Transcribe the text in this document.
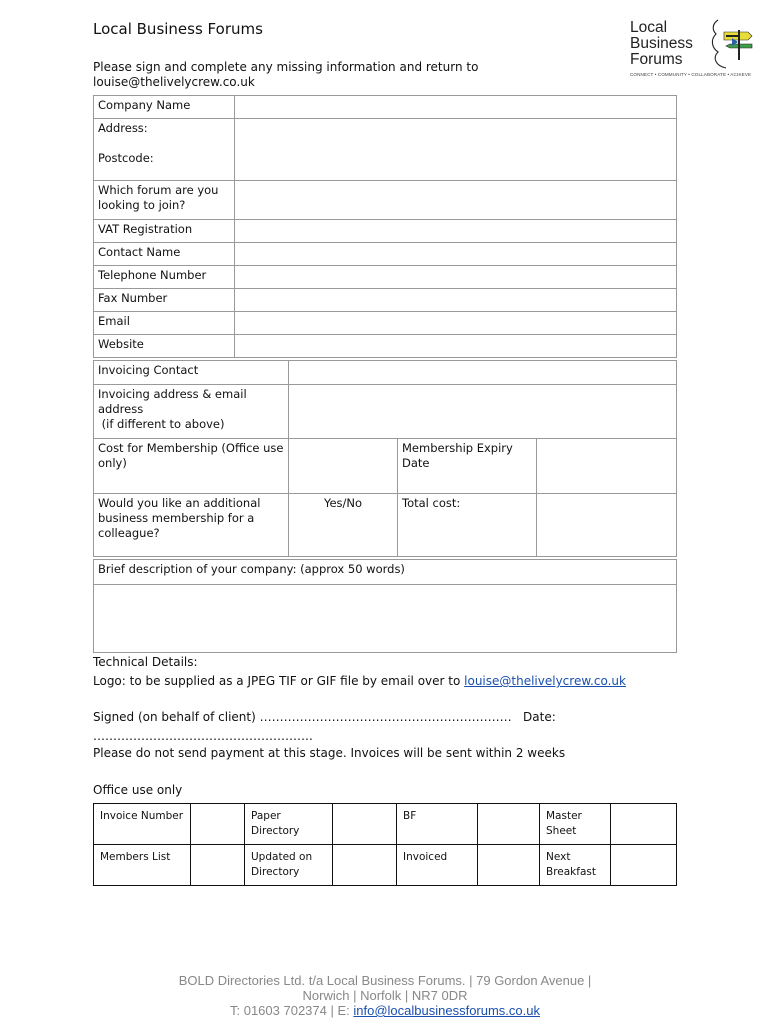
Local Business Forums
Please sign and complete any missing information and return to
louise@thelivelycrew.co.uk
Local
Business
Forums
CONNECT • COMMUNITY • COLLABORATE • ACHIEVE
Company Name	

Address:
Postcode:	

Which forum are you looking to join?	
VAT Registration	
Contact Name	
Telephone Number	
Fax Number	
Email	
Website	
Invoicing Contact			

Invoicing address & email address
(if different to above)			

Cost for Membership (Office use only)		Membership Expiry Date	
Would you like an additional business membership for a colleague?	Yes/No	Total cost:	
Brief description of your company: (approx 50 words)

Technical Details:
Logo: to be supplied as a JPEG TIF or GIF file by email over to louise@thelivelycrew.co.uk
Signed (on behalf of client) ………………………………………………………   Date:
……………………………………………….
Please do not send payment at this stage. Invoices will be sent within 2 weeks
Office use only
Invoice Number		Paper Directory		BF		Master Sheet	
Members List		Updated on Directory		Invoiced		Next Breakfast	
BOLD Directories Ltd. t/a Local Business Forums. | 79 Gordon Avenue |
Norwich | Norfolk | NR7 0DR
T: 01603 702374 | E: info@localbusinessforums.co.uk
